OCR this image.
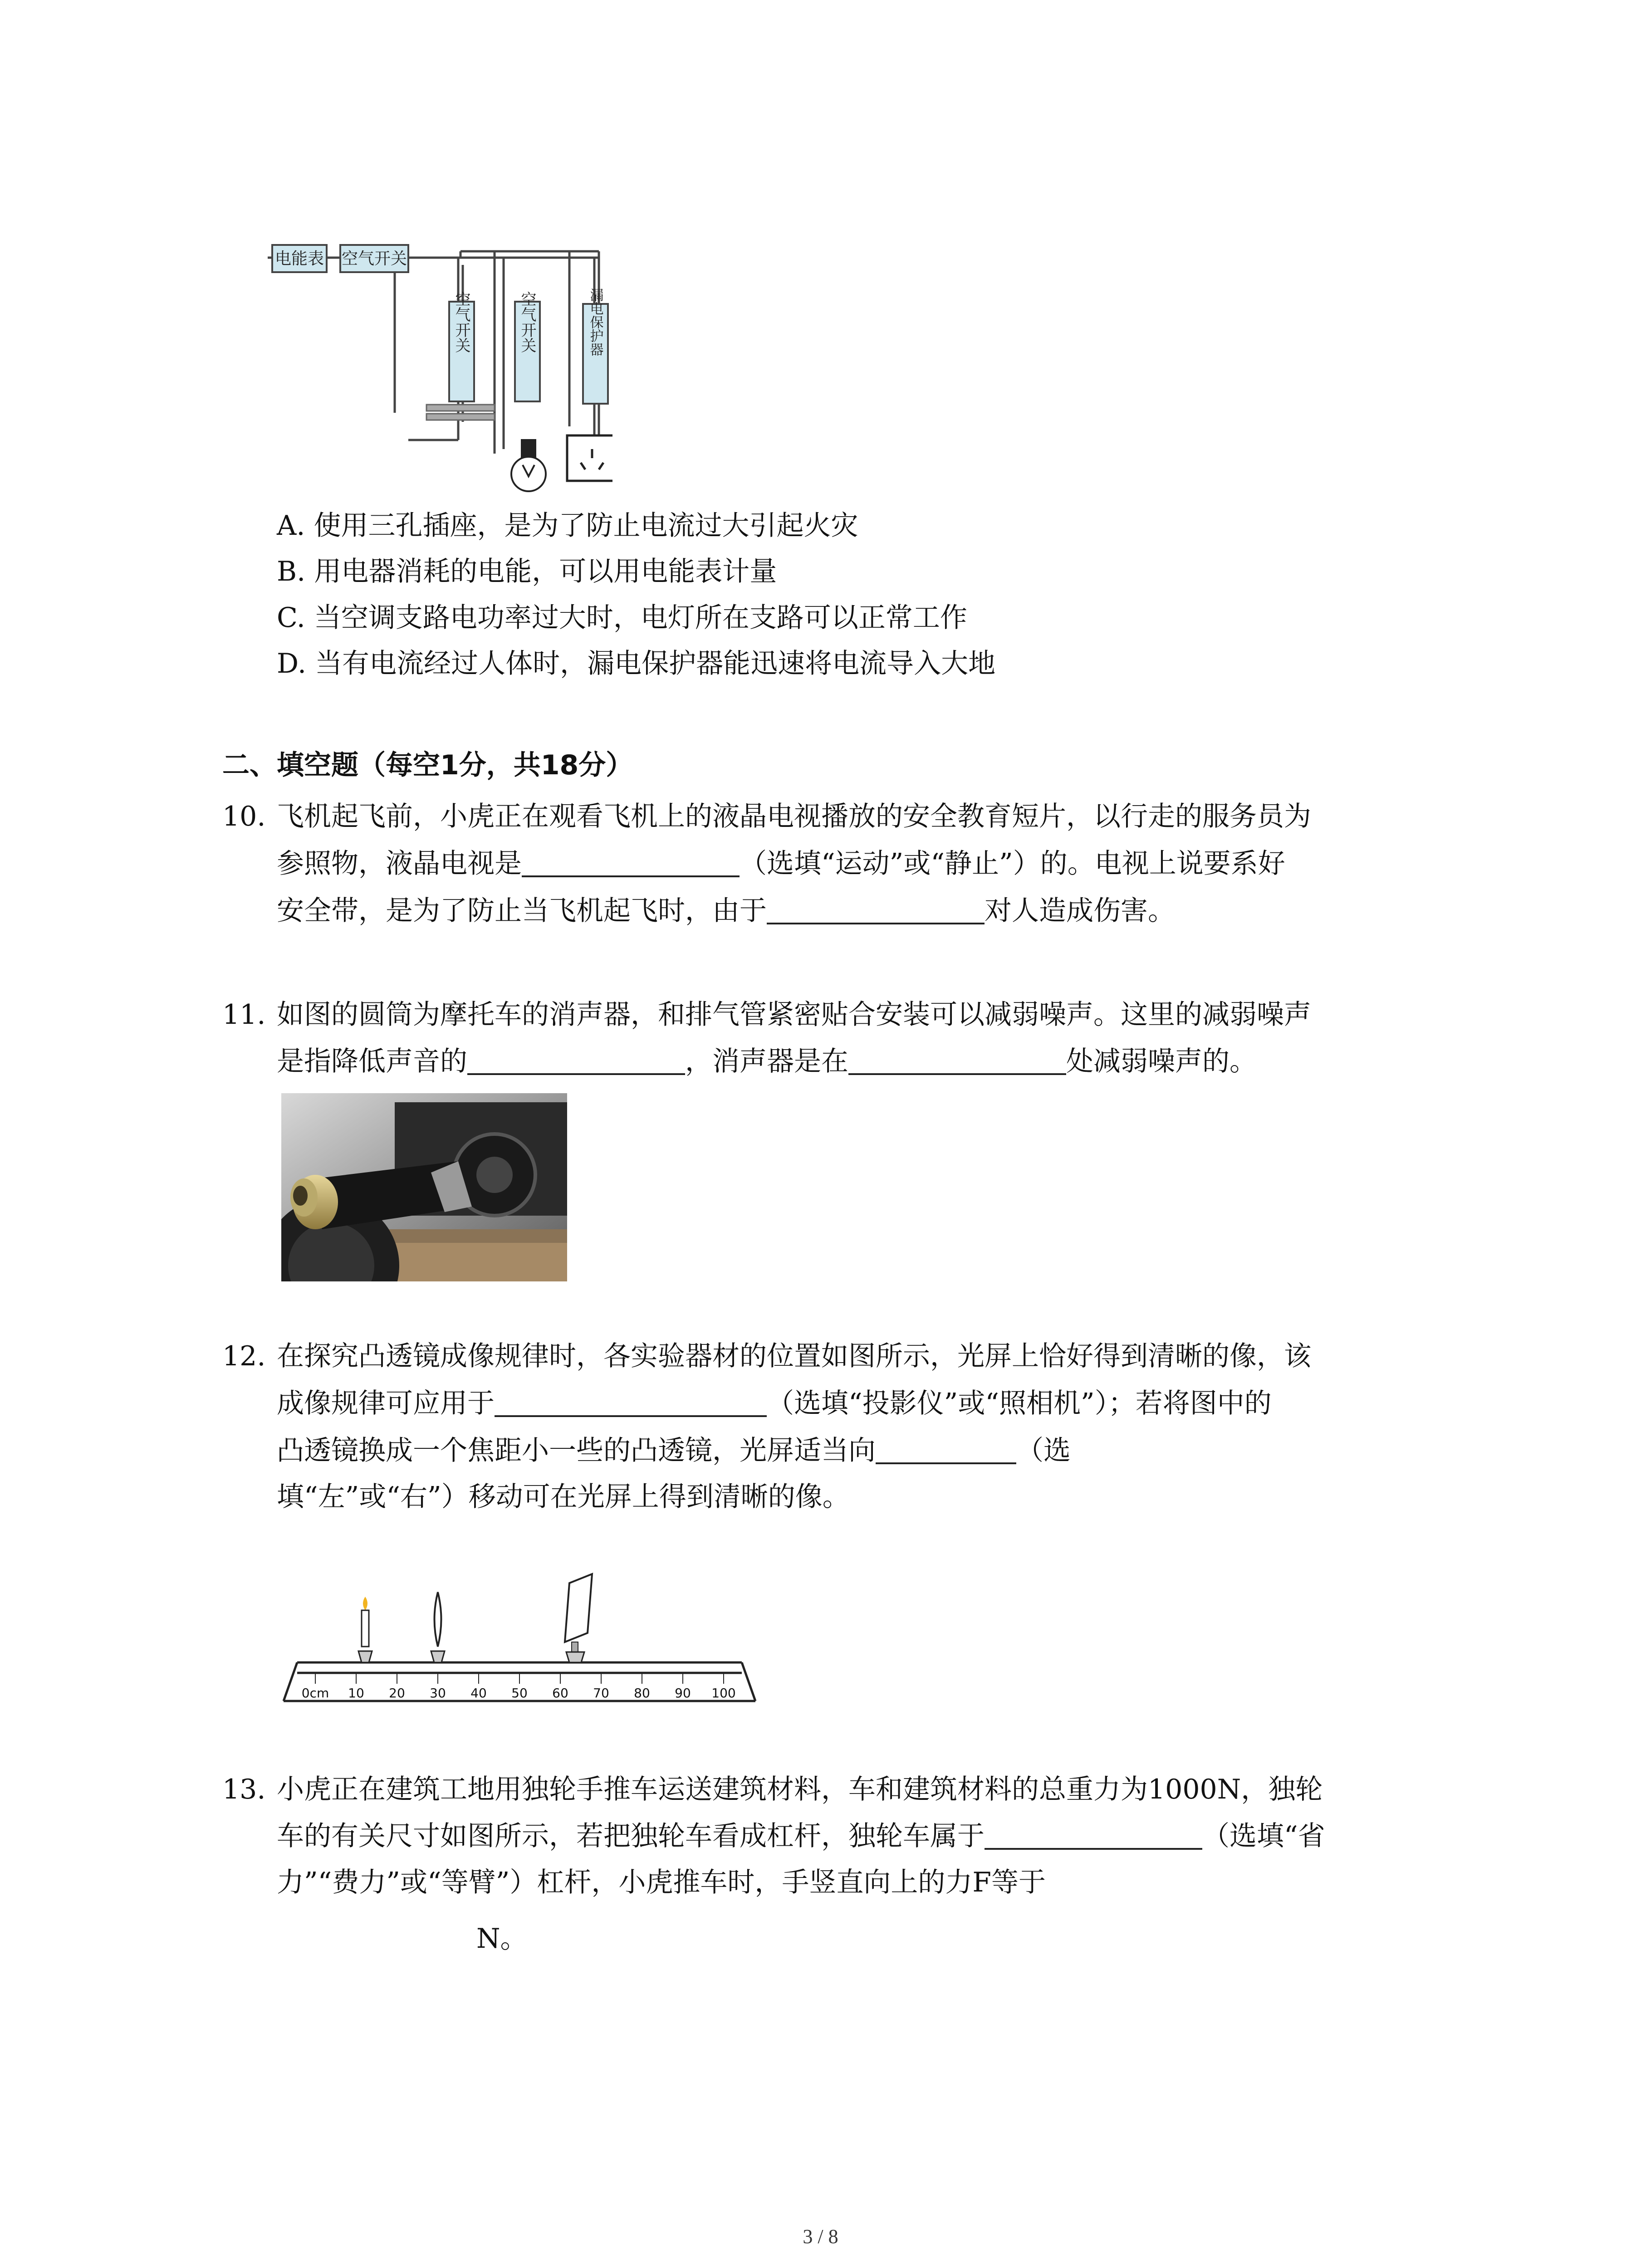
电能表 空气开关
空气开关	空气开关	漏电保护器
A. 使用三孔插座，是为了防止电流过大引起火灾
B. 用电器消耗的电能，可以用电能表计量
C. 当空调支路电功率过大时，电灯所在支路可以正常工作
D. 当有电流经过人体时，漏电保护器能迅速将电流导入大地
二、填空题（每空1分，共18分）
10. 飞机起飞前，小虎正在观看飞机上的液晶电视播放的安全教育短片，以行走的服务员为
参照物，液晶电视是	（选填“运动”或“静止”）的。电视上说要系好
安全带，是为了防止当飞机起飞时，由于	对人造成伤害。
11. 如图的圆筒为摩托车的消声器，和排气管紧密贴合安装可以减弱噪声。这里的减弱噪声
是指降低声音的	，消声器是在	处减弱噪声的。
12. 在探究凸透镜成像规律时，各实验器材的位置如图所示，光屏上恰好得到清晰的像，该
成像规律可应用于	（选填“投影仪”或“照相机”）；若将图中的
凸透镜换成一个焦距小一些的凸透镜，光屏适当向	（选
填“左”或“右”）移动可在光屏上得到清晰的像。
0cm 10 20 30 40 50 60 70 80 90 100
13. 小虎正在建筑工地用独轮手推车运送建筑材料，车和建筑材料的总重力为1000N，独轮
车的有关尺寸如图所示，若把独轮车看成杠杆，独轮车属于	（选填“省
力”“费力”或“等臂”）杠杆，小虎推车时，手竖直向上的力F等于
N。
3 / 8
